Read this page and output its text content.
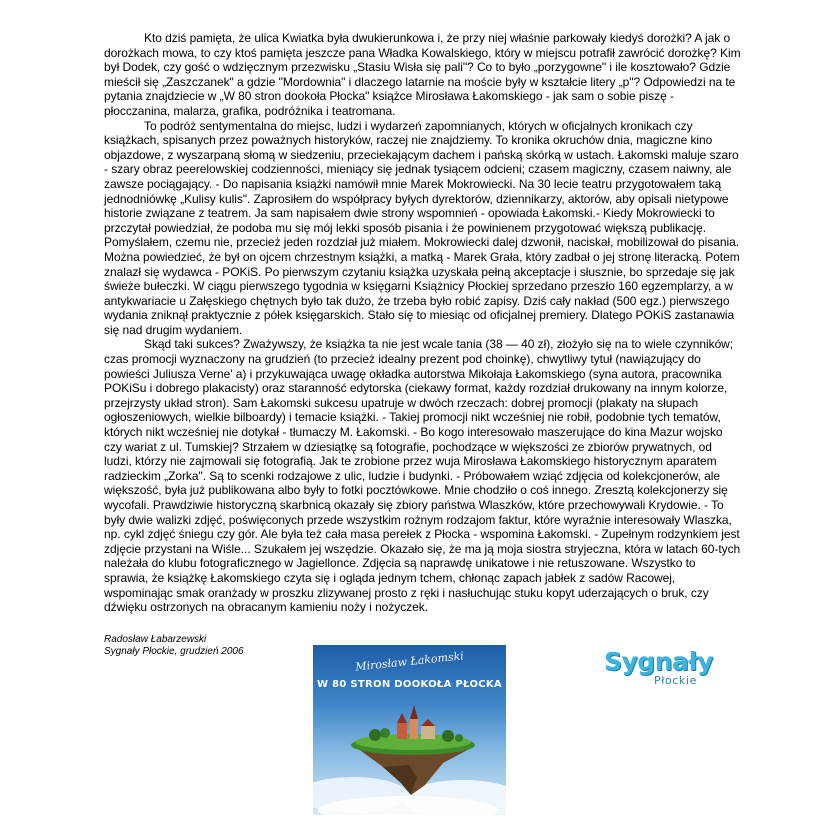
Kto dziś pamięta, że ulica Kwiatka była dwukierunkowa i, że przy niej właśnie parkowały kiedyś dorożki? A jak o dorożkach mowa, to czy ktoś pamięta jeszcze pana Władka Kowalskiego, który w miejscu potrafił zawrócić dorożkę? Kim był Dodek, czy gość o wdzięcznym przezwisku „Stasiu Wisła się pali"? Co to było „porzygowne" i ile kosztowało? Gdzie mieścił się „Zaszczanek" a gdzie "Mordownia" i dlaczego latarnie na moście były w kształcie litery „p"? Odpowiedzi na te pytania znajdziecie w „W 80 stron dookoła Płocka" książce Mirosława Łakomskiego - jak sam o sobie piszę - płocczanina, malarza, grafika, podróżnika i teatromana.

To podróż sentymentalna do miejsc, ludzi i wydarzeń zapomnianych, których w oficjalnych kronikach czy książkach, spisanych przez poważnych historyków, raczej nie znajdziemy. To kronika okruchów dnia, magiczne kino objazdowe, z wyszarpaną słomą w siedzeniu, przeciekającym dachem i pańską skórką w ustach. Łakomski maluje szaro - szary obraz peerelowskiej codzienności, mieniący się jednak tysiącem odcieni; czasem magiczny, czasem naiwny, ale zawsze pociągający. - Do napisania książki namówił mnie Marek Mokrowiecki. Na 30 lecie teatru przygotowałem taką jednodniówkę „Kulisy kulis". Zaprosiłem do współpracy byłych dyrektorów, dziennikarzy, aktorów, aby opisali nietypowe historie związane z teatrem. Ja sam napisałem dwie strony wspomnień - opowiada Łakomski.- Kiedy Mokrowiecki to przczytał powiedział, że podoba mu się mój lekki sposób pisania i że powinienem przygotować większą publikację. Pomyślałem, czemu nie, przecież jeden rozdział już miałem. Mokrowiecki dalej dzwonił, naciskał, mobilizował do pisania. Można powiedzieć, że był on ojcem chrzestnym książki, a matką - Marek Grała, który zadbał o jej stronę literacką. Potem znalazł się wydawca - POKiS. Po pierwszym czytaniu książka uzyskała pełną akceptacje i słusznie, bo sprzedaje się jak świeże bułeczki. W ciągu pierwszego tygodnia w księgarni Książnicy Płockiej sprzedano przeszło 160 egzemplarzy, a w antykwariacie u Załęskiego chętnych było tak dużo, że trzeba było robić zapisy. Dziś cały nakład (500 egz.) pierwszego wydania zniknął praktycznie z półek księgarskich. Stało się to miesiąc od oficjalnej premiery. Dlatego POKiS zastanawia się nad drugim wydaniem.

Skąd taki sukces? Zważywszy, że książka ta nie jest wcale tania (38 — 40 zł), złożyło się na to wiele czynników; czas promocji wyznaczony na grudzień (to przecież idealny prezent pod choinkę), chwytliwy tytuł (nawiązujący do powieści Juliusza Verne' a) i przykuwająca uwagę okładka autorstwa Mikołaja Łakomskiego (syna autora, pracownika POKiSu i dobrego plakacisty) oraz staranność edytorska (ciekawy format, każdy rozdział drukowany na innym kolorze, przejrzysty układ stron). Sam Łakomski sukcesu upatruje w dwóch rzeczach: dobrej promocji (plakaty na słupach ogłoszeniowych, wielkie bilboardy) i temacie książki. - Takiej promocji nikt wcześniej nie robił, podobnie tych tematów, których nikt wcześniej nie dotykał - tłumaczy M. Łakomski. - Bo kogo interesowało maszerujące do kina Mazur wojsko czy wariat z ul. Tumskiej? Strzałem w dziesiątkę są fotografie, pochodzące w większości ze zbiorów prywatnych, od ludzi, którzy nie zajmowali się fotografią. Jak te zrobione przez wuja Mirosława Łakomskiego historycznym aparatem radzieckim „Zorka". Są to scenki rodzajowe z ulic, ludzie i budynki. - Próbowałem wziąć zdjęcia od kolekcjonerów, ale większość, była już publikowana albo były to fotki pocztówkowe. Mnie chodziło o coś innego. Zresztą kolekcjonerzy się wycofali. Prawdziwie historyczną skarbnicą okazały się zbiory państwa Wlaszków, które przechowywali Krydowie. - To były dwie walizki zdjęć, poświęconych przede wszystkim rożnym rodzajom faktur, które wyraźnie interesowały Wlaszka, np. cykl zdjęć śniegu czy gór. Ale była też cała masa perełek z Płocka - wspomina Łakomski. - Zupełnym rodzynkiem jest zdjęcie przystani na Wiśle... Szukałem jej wszędzie. Okazało się, że ma ją moja siostra stryjeczna, która w latach 60-tych należała do klubu fotograficznego w Jagiellonce. Zdjęcia są naprawdę unikatowe i nie retuszowane. Wszystko to sprawia, że książkę Łakomskiego czyta się i ogląda jednym tchem, chłonąc zapach jabłek z sadów Racowej, wspominając smak oranżady w proszku zlizywanej prosto z ręki i nasłuchując stuku kopyt uderzających o bruk, czy dźwięku ostrzonych na obracanym kamieniu noży i nożyczek.

Radosław Łabarzewski
Sygnały Płockie, grudzień 2006	Mirosław Łakomski
W 80 STRON DOOKOŁA PŁOCKA
Sygnały
Płockie
